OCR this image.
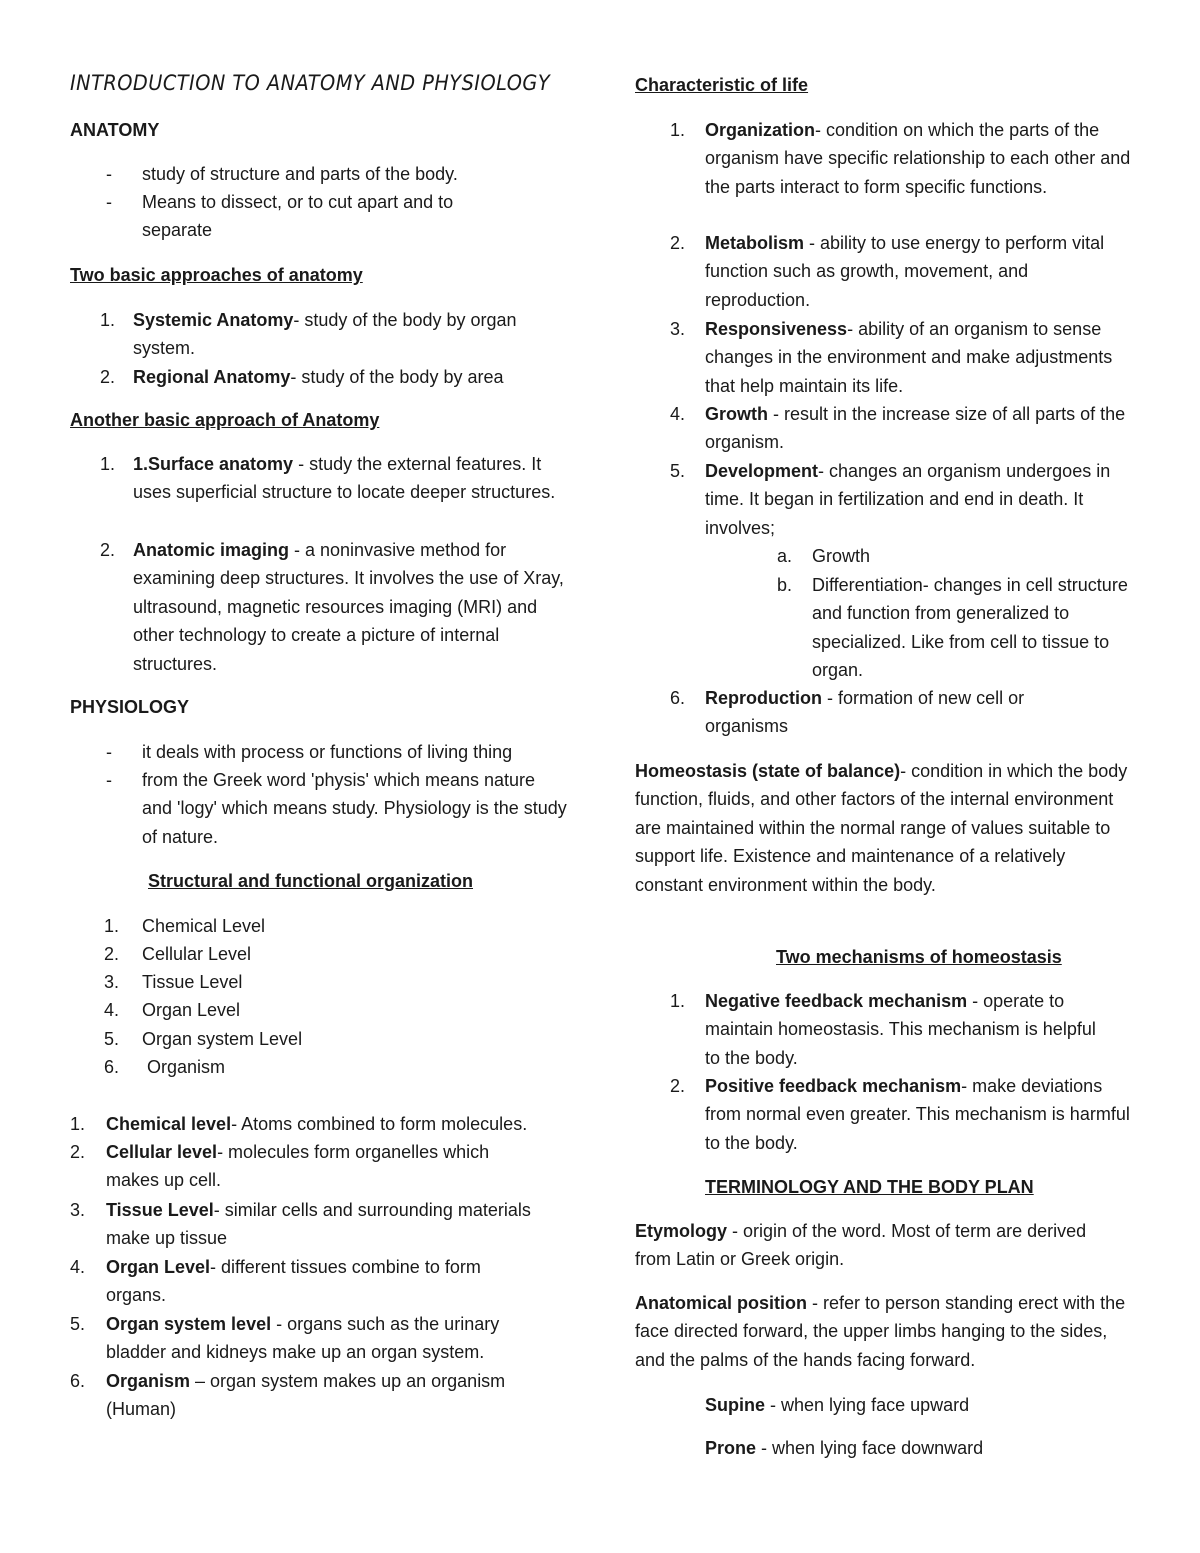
INTRODUCTION TO ANATOMY AND PHYSIOLOGY
ANATOMY
- study of structure and parts of the body.
- Means to dissect, or to cut apart and to separate
Two basic approaches of anatomy
1. Systemic Anatomy- study of the body by organ system.
2. Regional Anatomy- study of the body by area
Another basic approach of Anatomy
1. 1.Surface anatomy - study the external features. It uses superficial structure to locate deeper structures.
2. Anatomic imaging - a noninvasive method for examining deep structures. It involves the use of Xray, ultrasound, magnetic resources imaging (MRI) and other technology to create a picture of internal structures.
PHYSIOLOGY
- it deals with process or functions of living thing
- from the Greek word 'physis' which means nature and 'logy' which means study. Physiology is the study of nature.
Structural and functional organization
1. Chemical Level
2. Cellular Level
3. Tissue Level
4. Organ Level
5. Organ system Level
6. Organism
1. Chemical level- Atoms combined to form molecules.
2. Cellular level- molecules form organelles which makes up cell.
3. Tissue Level- similar cells and surrounding materials make up tissue
4. Organ Level- different tissues combine to form organs.
5. Organ system level - organs such as the urinary bladder and kidneys make up an organ system.
6. Organism – organ system makes up an organism (Human)
Characteristic of life
1. Organization- condition on which the parts of the organism have specific relationship to each other and the parts interact to form specific functions.
2. Metabolism - ability to use energy to perform vital function such as growth, movement, and reproduction.
3. Responsiveness- ability of an organism to sense changes in the environment and make adjustments that help maintain its life.
4. Growth - result in the increase size of all parts of the organism.
5. Development- changes an organism undergoes in time. It began in fertilization and end in death. It involves;
a. Growth
b. Differentiation- changes in cell structure and function from generalized to specialized. Like from cell to tissue to organ.
6. Reproduction - formation of new cell or organisms
Homeostasis (state of balance)- condition in which the body function, fluids, and other factors of the internal environment are maintained within the normal range of values suitable to support life. Existence and maintenance of a relatively constant environment within the body.
Two mechanisms of homeostasis
1. Negative feedback mechanism - operate to maintain homeostasis. This mechanism is helpful to the body.
2. Positive feedback mechanism- make deviations from normal even greater. This mechanism is harmful to the body.
TERMINOLOGY AND THE BODY PLAN
Etymology - origin of the word. Most of term are derived from Latin or Greek origin.
Anatomical position - refer to person standing erect with the face directed forward, the upper limbs hanging to the sides, and the palms of the hands facing forward.
Supine - when lying face upward
Prone - when lying face downward
